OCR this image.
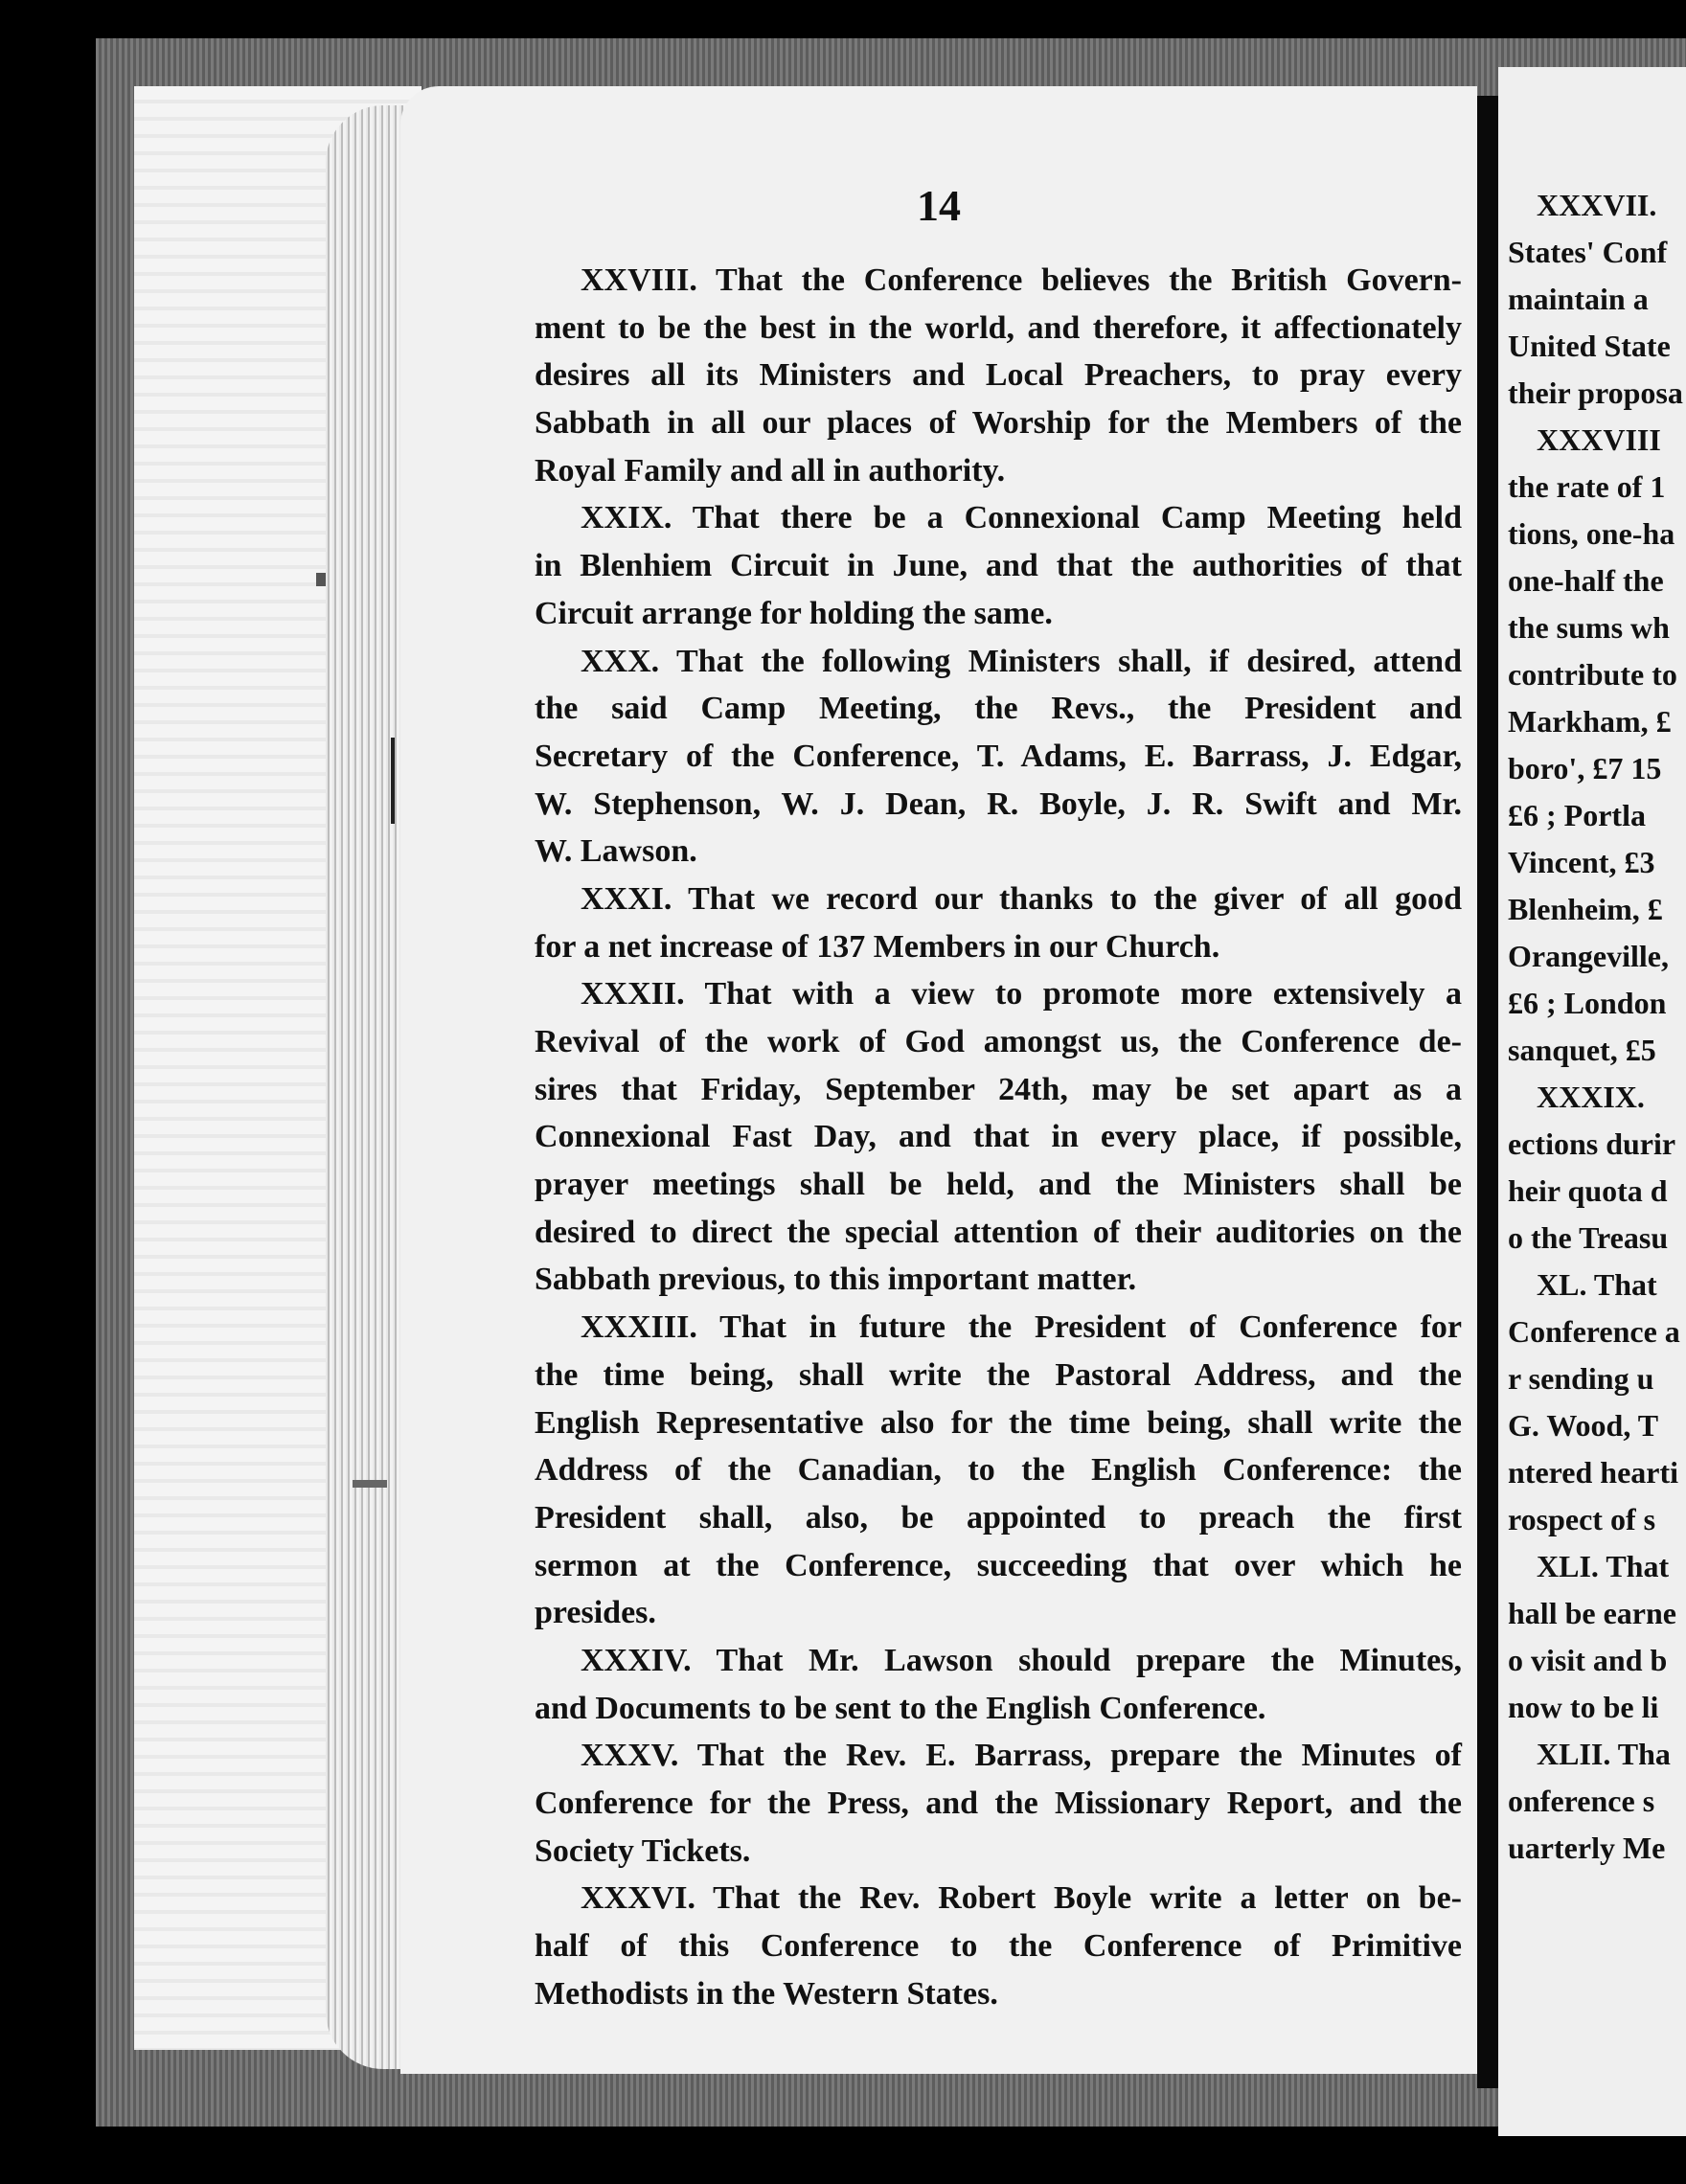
14
XXVIII. That the Conference believes the British Govern-
ment to be the best in the world, and therefore, it affectionately
desires all its Ministers and Local Preachers, to pray every
Sabbath in all our places of Worship for the Members of the
Royal Family and all in authority.
XXIX. That there be a Connexional Camp Meeting held
in Blenhiem Circuit in June, and that the authorities of that
Circuit arrange for holding the same.
XXX. That the following Ministers shall, if desired, attend
the said Camp Meeting, the Revs., the President and
Secretary of the Conference, T. Adams, E. Barrass, J. Edgar,
W. Stephenson, W. J. Dean, R. Boyle, J. R. Swift and Mr.
W. Lawson.
XXXI. That we record our thanks to the giver of all good
for a net increase of 137 Members in our Church.
XXXII. That with a view to promote more extensively a
Revival of the work of God amongst us, the Conference de-
sires that Friday, September 24th, may be set apart as a
Connexional Fast Day, and that in every place, if possible,
prayer meetings shall be held, and the Ministers shall be
desired to direct the special attention of their auditories on the
Sabbath previous, to this important matter.
XXXIII. That in future the President of Conference for
the time being, shall write the Pastoral Address, and the
English Representative also for the time being, shall write the
Address of the Canadian, to the English Conference: the
President shall, also, be appointed to preach the first
sermon at the Conference, succeeding that over which he
presides.
XXXIV. That Mr. Lawson should prepare the Minutes,
and Documents to be sent to the English Conference.
XXXV. That the Rev. E. Barrass, prepare the Minutes of
Conference for the Press, and the Missionary Report, and the
Society Tickets.
XXXVI. That the Rev. Robert Boyle write a letter on be-
half of this Conference to the Conference of Primitive
Methodists in the Western States.
XXXVII.
States' Conf
maintain a
United State
their proposa
XXXVIII
the rate of 1
tions, one-ha
one-half the
the sums wh
contribute to
Markham, £
boro', £7 15
£6 ; Portla
Vincent, £3
Blenheim, £
Orangeville,
£6 ; London
sanquet, £5
XXXIX.
ections durir
heir quota d
o the Treasu
XL. That
Conference a
r sending u
G. Wood, T
ntered hearti
rospect of s
XLI. That
hall be earne
o visit and b
now to be li
XLII. Tha
onference s
uarterly Me
